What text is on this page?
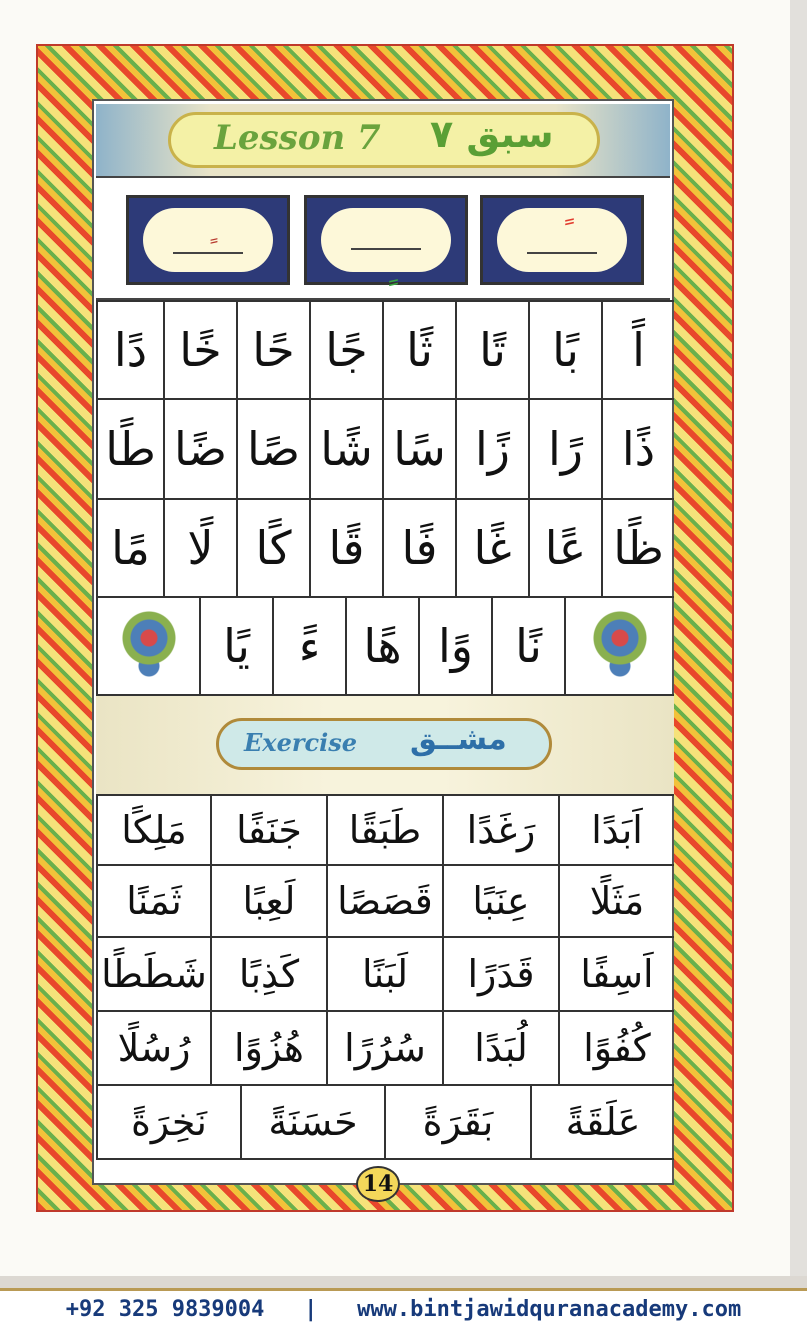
Lesson 7 سبق ۷
اً
بًا
تًا
ثًا
جًا
حًا
خًا
دًا
ذًا
رًا
زًا
سًا
شًا
صًا
ضًا
طًا
ظًا
عًا
غًا
فًا
قًا
كًا
لًا
مًا
نًا
وًا
هًا
ءً
يًا
Exercise مشــق
اَبَدًا
رَغَدًا
طَبَقًا
جَنَفًا
مَلِكًا
مَثَلًا
عِنَبًا
قَصَصًا
لَعِبًا
ثَمَنًا
اَسِفًا
قَدَرًا
لَبَنًا
كَذِبًا
شَطَطًا
كُفُوًا
لُبَدًا
سُرُرًا
هُزُوًا
رُسُلًا
عَلَقَةً
بَقَرَةً
حَسَنَةً
نَخِرَةً
14
+92 325 9839004   |   www.bintjawidquranacademy.com
